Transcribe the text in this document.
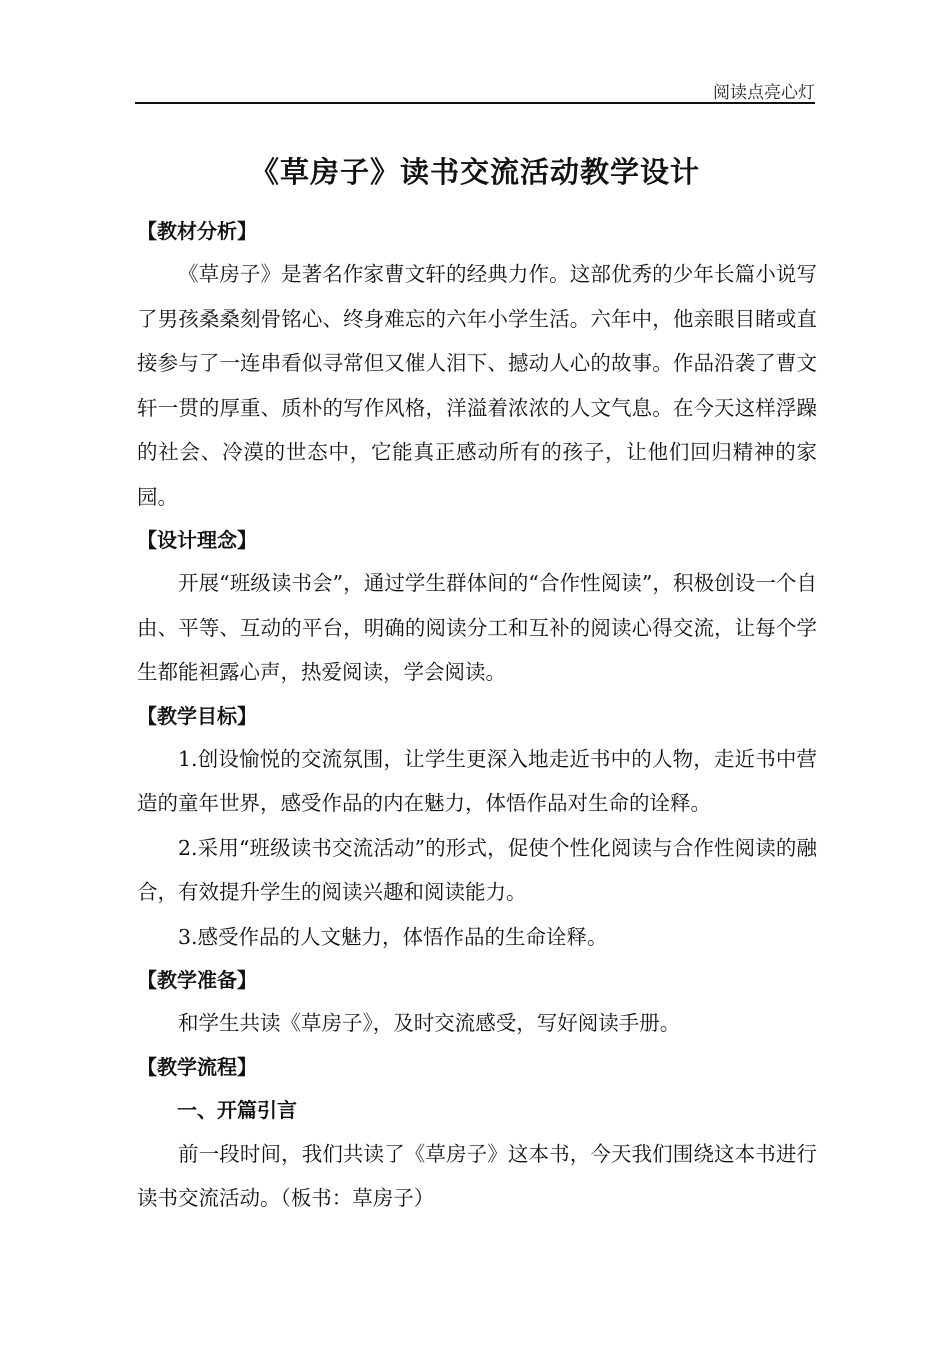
阅读点亮心灯
《草房子》读书交流活动教学设计
【教材分析】

《草房子》是著名作家曹文轩的经典力作。这部优秀的少年长篇小说写了男孩桑桑刻骨铭心、终身难忘的六年小学生活。六年中，他亲眼目睹或直接参与了一连串看似寻常但又催人泪下、撼动人心的故事。作品沿袭了曹文轩一贯的厚重、质朴的写作风格，洋溢着浓浓的人文气息。在今天这样浮躁的社会、冷漠的世态中，它能真正感动所有的孩子，让他们回归精神的家园。

【设计理念】

开展“班级读书会”，通过学生群体间的“合作性阅读”，积极创设一个自由、平等、互动的平台，明确的阅读分工和互补的阅读心得交流，让每个学生都能袒露心声，热爱阅读，学会阅读。

【教学目标】

1.创设愉悦的交流氛围，让学生更深入地走近书中的人物，走近书中营造的童年世界，感受作品的内在魅力，体悟作品对生命的诠释。

2.采用“班级读书交流活动”的形式，促使个性化阅读与合作性阅读的融合，有效提升学生的阅读兴趣和阅读能力。

3.感受作品的人文魅力，体悟作品的生命诠释。

【教学准备】

和学生共读《草房子》，及时交流感受，写好阅读手册。

【教学流程】

一、开篇引言

前一段时间，我们共读了《草房子》这本书，今天我们围绕这本书进行读书交流活动。（板书：草房子）
